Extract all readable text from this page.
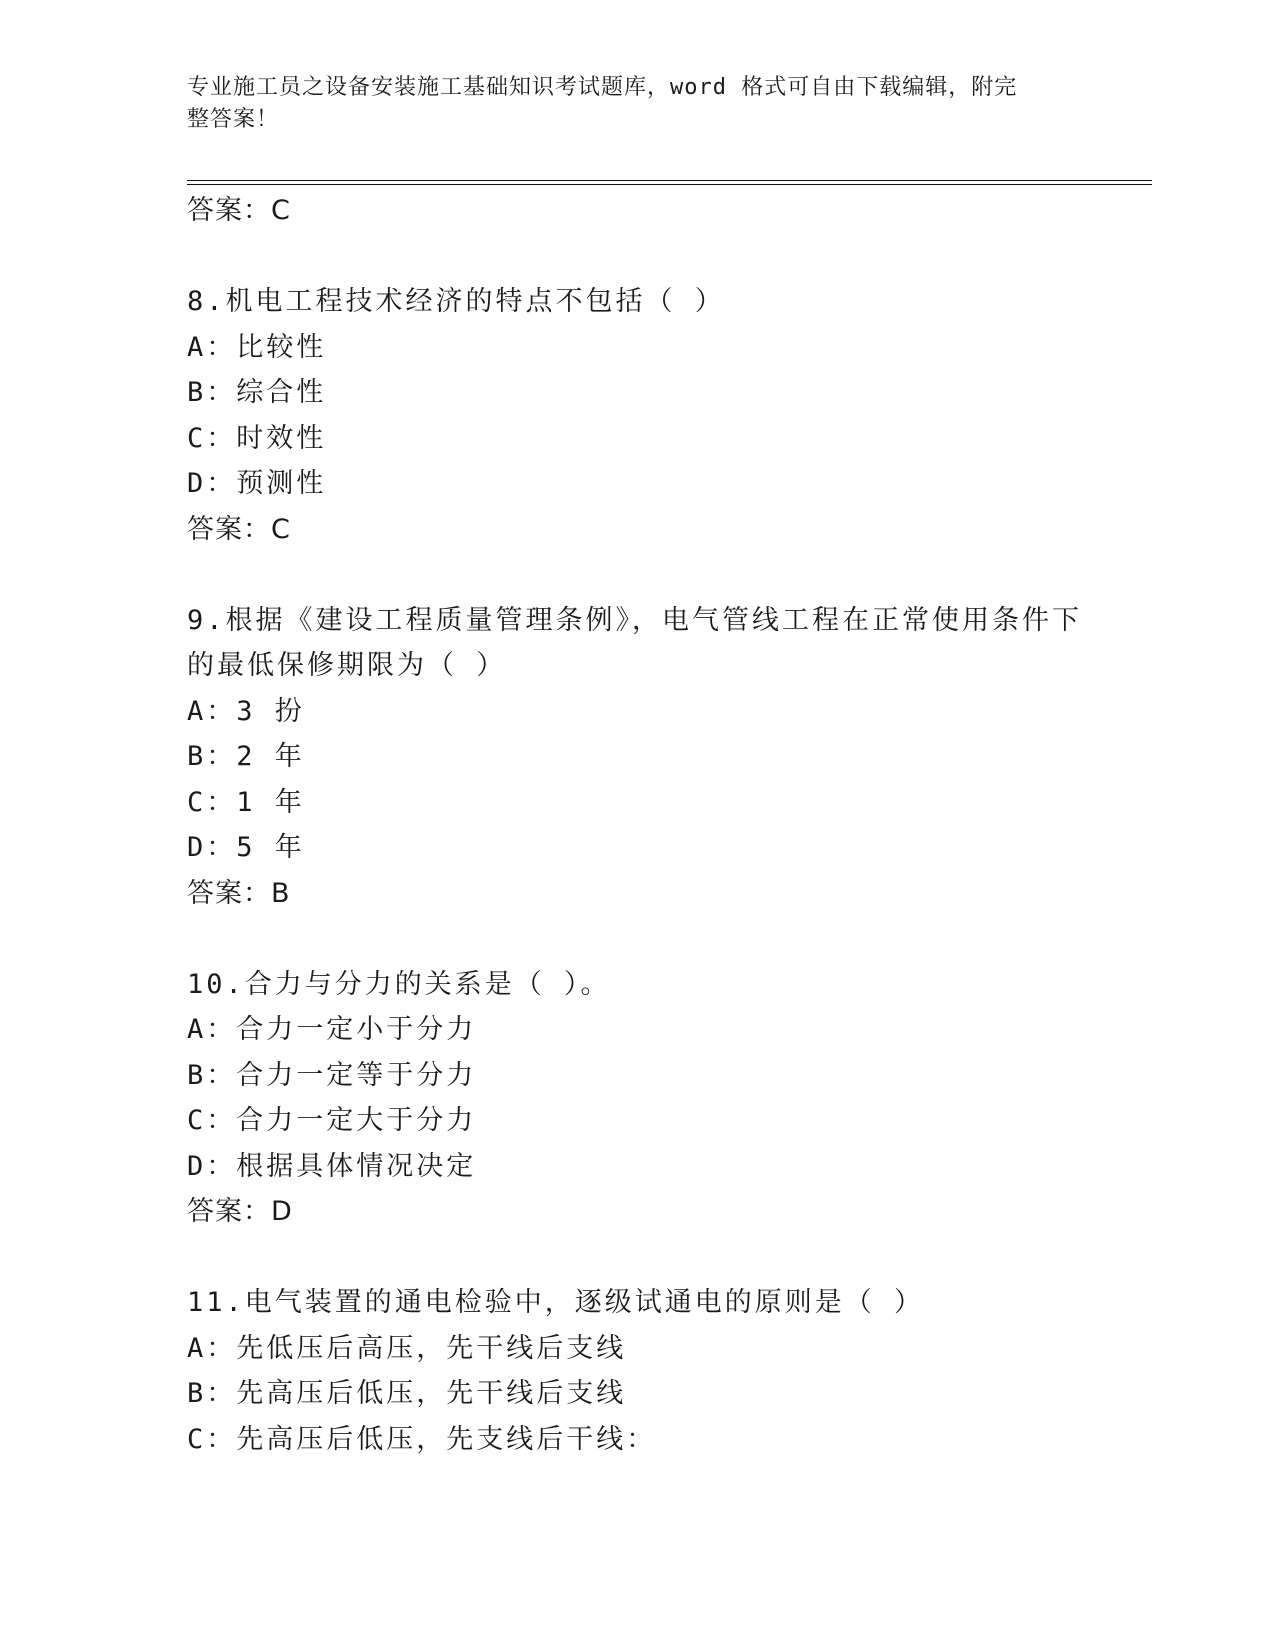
专业施工员之设备安装施工基础知识考试题库，word 格式可自由下载编辑，附完
整答案！
答案：C
8.机电工程技术经济的特点不包括（ ）
A：比较性
B：综合性
C：时效性
D：预测性
答案：C
9.根据《建设工程质量管理条例》，电气管线工程在正常使用条件下
的最低保修期限为（ ）
A：3 扮
B：2 年
C：1 年
D：5 年
答案：B
10.合力与分力的关系是（ ）。
A：合力一定小于分力
B：合力一定等于分力
C：合力一定大于分力
D：根据具体情况决定
答案：D
11.电气装置的通电检验中，逐级试通电的原则是（ ）
A：先低压后高压，先干线后支线
B：先高压后低压，先干线后支线
C：先高压后低压，先支线后干线：
